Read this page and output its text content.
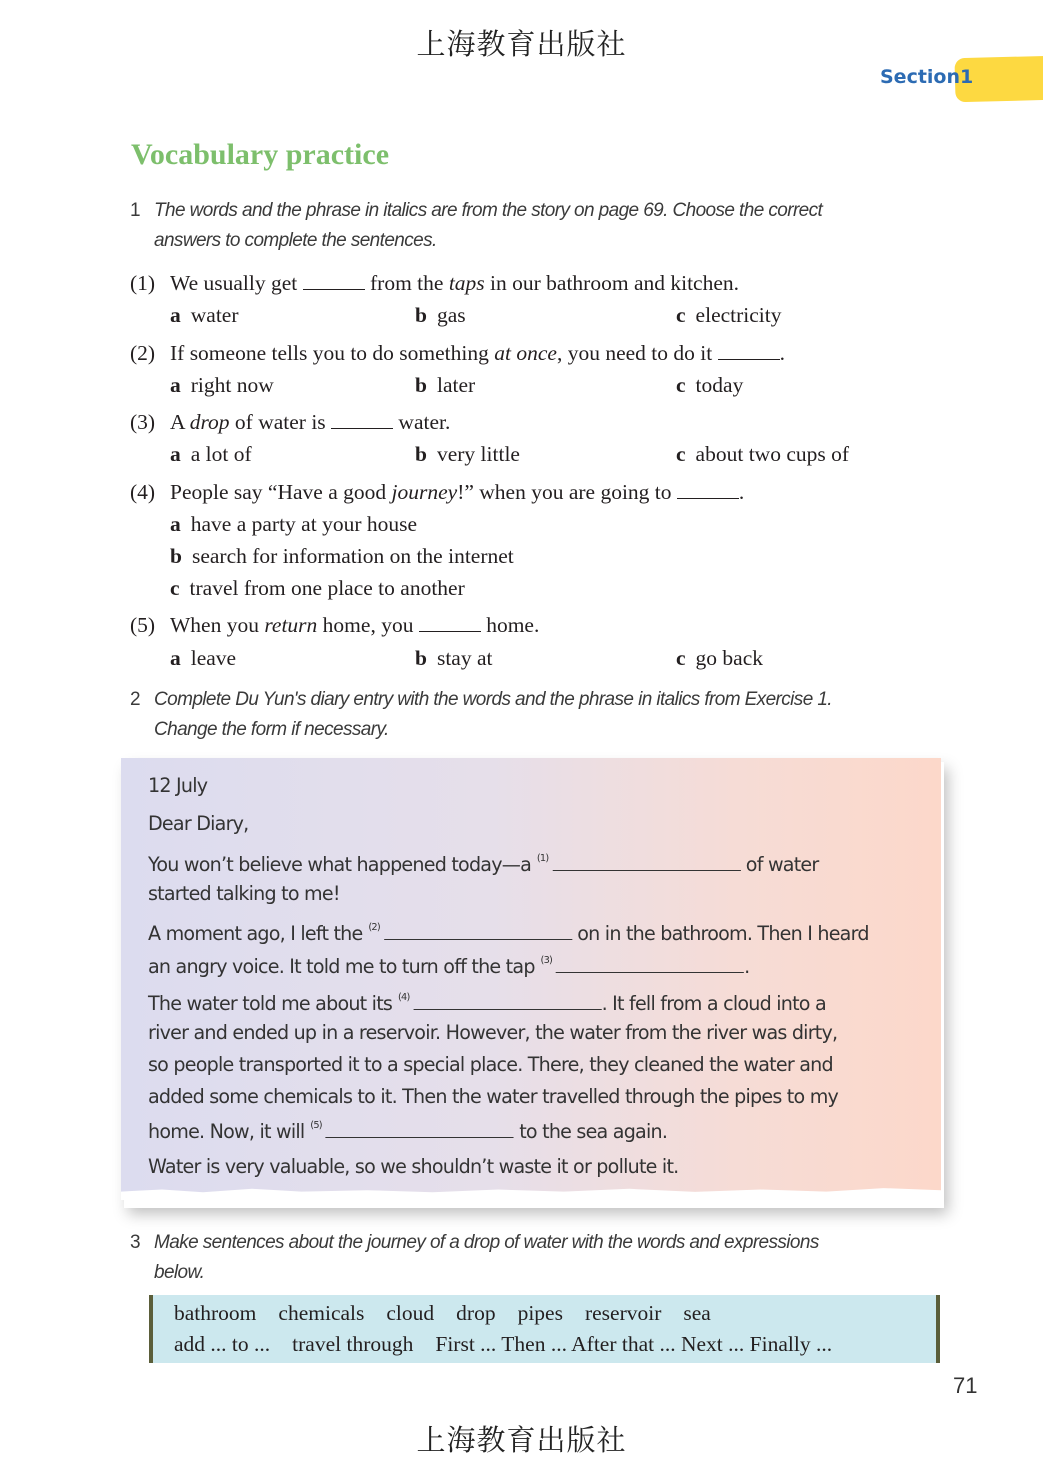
上海教育出版社
Section 1
Vocabulary practice
1 The words and the phrase in italics are from the story on page 69. Choose the correct
answers to complete the sentences.
(1) We usually get	from the taps in our bathroom and kitchen.
a water	b gas	c electricity
(2) If someone tells you to do something at once, you need to do it	.
a right now	b later	c today
(3) A drop of water is	water.
a a lot of	b very little	c about two cups of
(4) People say “Have a good journey!” when you are going to	.
a have a party at your house
b search for information on the internet
c travel from one place to another
(5) When you return home, you	home.
a leave	b stay at	c go back
2 Complete Du Yun's diary entry with the words and the phrase in italics from Exercise 1.
Change the form if necessary.
12 July
Dear Diary,
You won’t believe what happened today—a $^{(1)}$	of water
started talking to me!
A moment ago, I left the $^{(2)}$	on in the bathroom. Then I heard
an angry voice. It told me to turn off the tap $^{(3)}$	.
The water told me about its $^{(4)}$	. It fell from a cloud into a
river and ended up in a reservoir. However, the water from the river was dirty,
so people transported it to a special place. There, they cleaned the water and
added some chemicals to it. Then the water travelled through the pipes to my
home. Now, it will $^{(5)}$	to the sea again.
Water is very valuable, so we shouldn’t waste it or pollute it.
3 Make sentences about the journey of a drop of water with the words and expressions
below.
bathroom chemicals cloud drop pipes reservoir sea
add ... to ... travel through First ... Then ... After that ... Next ... Finally ...
71
上海教育出版社
